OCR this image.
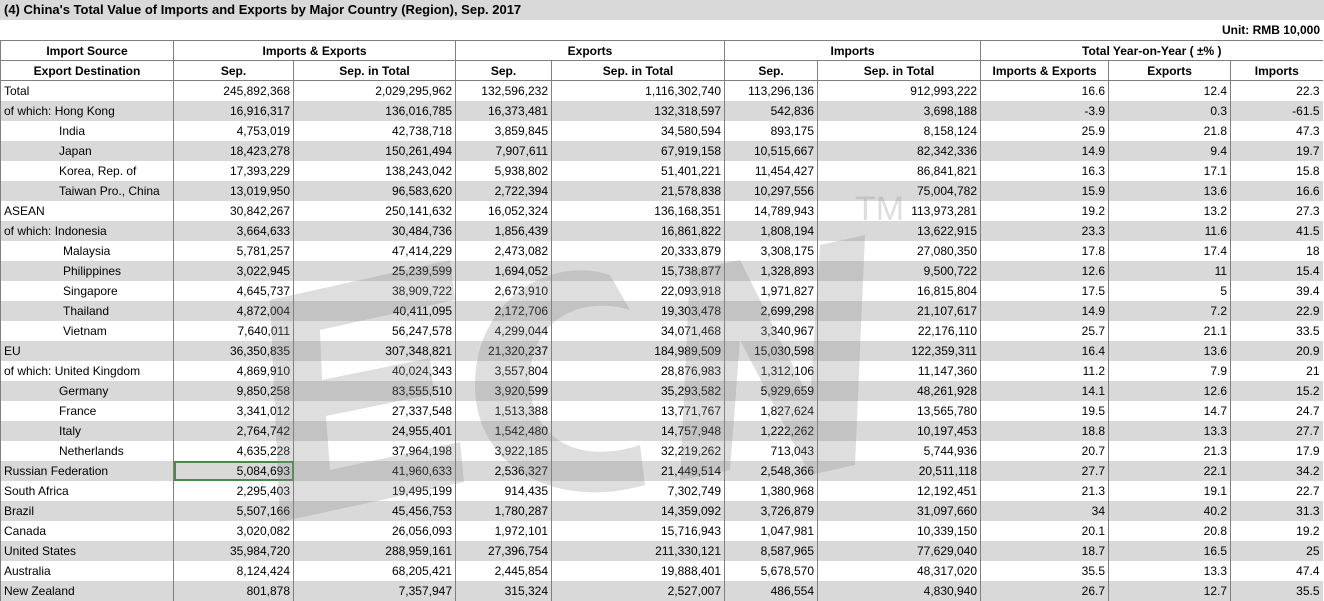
(4) China's Total Value of Imports and Exports by Major Country (Region), Sep. 2017
Unit: RMB 10,000
Import Source	Imports & Exports		Exports		Imports		Total Year-on-Year ( ±% )		
Export Destination	Sep.	Sep. in Total	Sep.	Sep. in Total	Sep.	Sep. in Total	Imports & Exports	Exports	Imports
Total	245,892,368	2,029,295,962	132,596,232	1,116,302,740	113,296,136	912,993,222	16.6	12.4	22.3
of which: Hong Kong	16,916,317	136,016,785	16,373,481	132,318,597	542,836	3,698,188	-3.9	0.3	-61.5
India	4,753,019	42,738,718	3,859,845	34,580,594	893,175	8,158,124	25.9	21.8	47.3
Japan	18,423,278	150,261,494	7,907,611	67,919,158	10,515,667	82,342,336	14.9	9.4	19.7
Korea, Rep. of	17,393,229	138,243,042	5,938,802	51,401,221	11,454,427	86,841,821	16.3	17.1	15.8
Taiwan Pro., China	13,019,950	96,583,620	2,722,394	21,578,838	10,297,556	75,004,782	15.9	13.6	16.6
ASEAN	30,842,267	250,141,632	16,052,324	136,168,351	14,789,943	113,973,281	19.2	13.2	27.3
of which: Indonesia	3,664,633	30,484,736	1,856,439	16,861,822	1,808,194	13,622,915	23.3	11.6	41.5
Malaysia	5,781,257	47,414,229	2,473,082	20,333,879	3,308,175	27,080,350	17.8	17.4	18
Philippines	3,022,945	25,239,599	1,694,052	15,738,877	1,328,893	9,500,722	12.6	11	15.4
Singapore	4,645,737	38,909,722	2,673,910	22,093,918	1,971,827	16,815,804	17.5	5	39.4
Thailand	4,872,004	40,411,095	2,172,706	19,303,478	2,699,298	21,107,617	14.9	7.2	22.9
Vietnam	7,640,011	56,247,578	4,299,044	34,071,468	3,340,967	22,176,110	25.7	21.1	33.5
EU	36,350,835	307,348,821	21,320,237	184,989,509	15,030,598	122,359,311	16.4	13.6	20.9
of which: United Kingdom	4,869,910	40,024,343	3,557,804	28,876,983	1,312,106	11,147,360	11.2	7.9	21
Germany	9,850,258	83,555,510	3,920,599	35,293,582	5,929,659	48,261,928	14.1	12.6	15.2
France	3,341,012	27,337,548	1,513,388	13,771,767	1,827,624	13,565,780	19.5	14.7	24.7
Italy	2,764,742	24,955,401	1,542,480	14,757,948	1,222,262	10,197,453	18.8	13.3	27.7
Netherlands	4,635,228	37,964,198	3,922,185	32,219,262	713,043	5,744,936	20.7	21.3	17.9
Russian Federation	5,084,693	41,960,633	2,536,327	21,449,514	2,548,366	20,511,118	27.7	22.1	34.2
South Africa	2,295,403	19,495,199	914,435	7,302,749	1,380,968	12,192,451	21.3	19.1	22.7
Brazil	5,507,166	45,456,753	1,780,287	14,359,092	3,726,879	31,097,660	34	40.2	31.3
Canada	3,020,082	26,056,093	1,972,101	15,716,943	1,047,981	10,339,150	20.1	20.8	19.2
United States	35,984,720	288,959,161	27,396,754	211,330,121	8,587,965	77,629,040	18.7	16.5	25
Australia	8,124,424	68,205,421	2,445,854	19,888,401	5,678,570	48,317,020	35.5	13.3	47.4
New Zealand	801,878	7,357,947	315,324	2,527,007	486,554	4,830,940	26.7	12.7	35.5
TM
